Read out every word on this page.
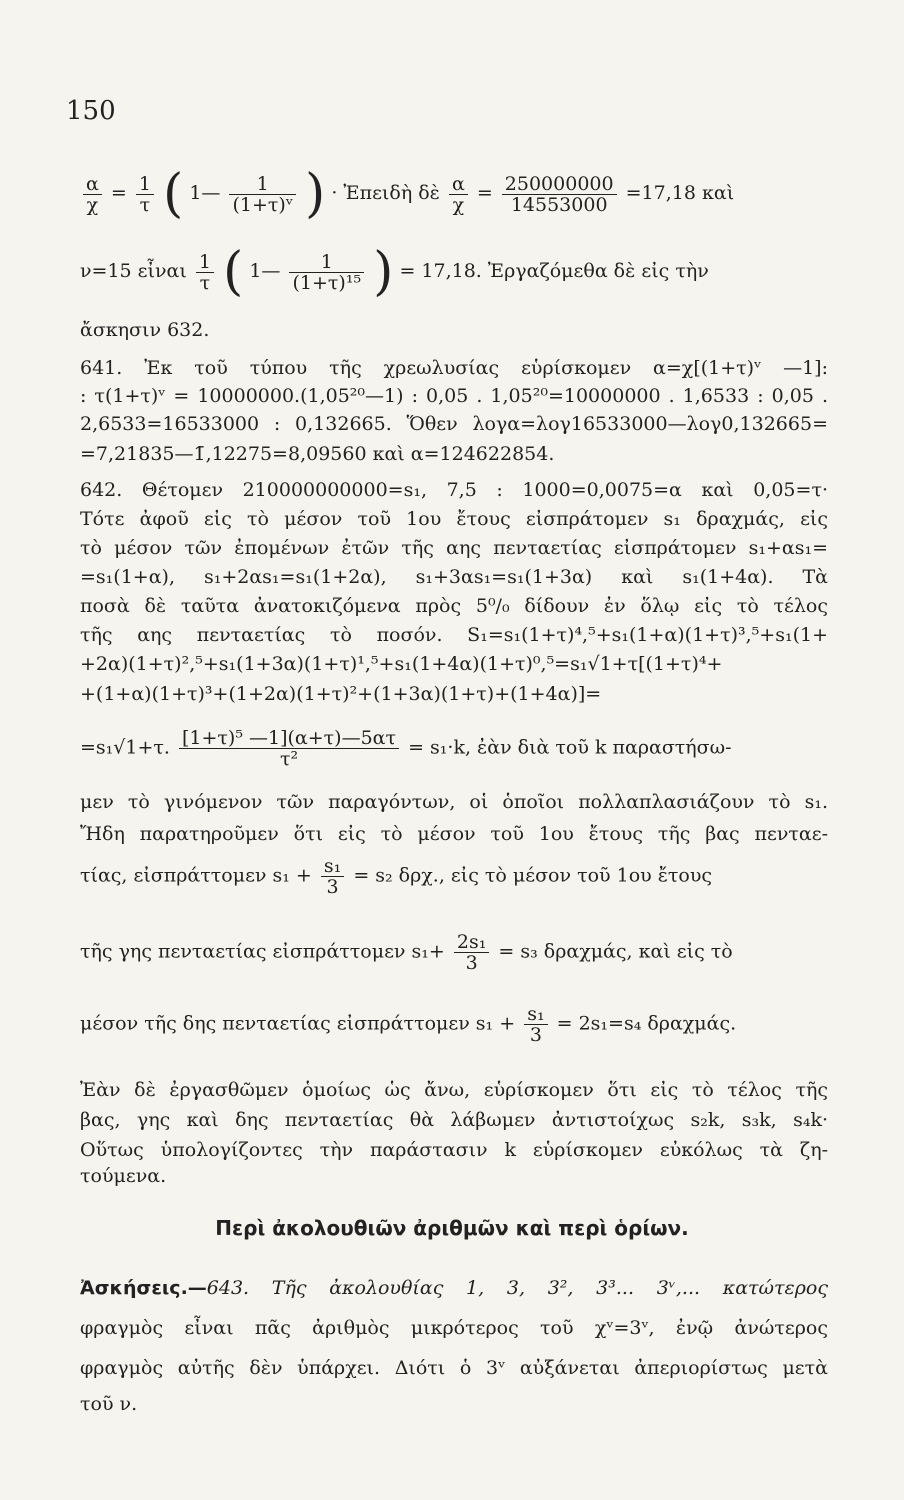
150
$\frac{\alpha}{\chi} = \frac{1}{\tau}$ ( 1— $\frac{1}{\text{(1+τ)ᵛ}}$ ) · Ἐπειδὴ δὲ $\frac{\alpha}{\chi} = \frac{250000000}{14553000} =17,18$ καὶ
ν=15 εἶναι $\frac{1}{\tau}$ ( 1— $\frac{1}{\text{(1+τ)¹⁵}}$ ) = 17,18. Ἐργαζόμεθα δὲ εἰς τὴν
ἄσκησιν 632.
641. Ἐκ τοῦ τύπου τῆς χρεωλυσίας εὑρίσκομεν α=χ[(1+τ)ᵛ —1]:
: τ(1+τ)ᵛ = 10000000.(1,05²⁰—1) : 0,05 . 1,05²⁰=10000000 . 1,6533 : 0,05 .
2,6533=16533000 : 0,132665. Ὅθεν λογα=λογ16533000—λογ0,132665=
=7,21835—1̄,12275=8,09560 καὶ α=124622854.
642. Θέτομεν 210000000000=s₁, 7,5 : 1000=0,0075=α καὶ 0,05=τ·
Τότε ἀφοῦ εἰς τὸ μέσον τοῦ 1ου ἔτους εἰσπράτομεν s₁ δραχμάς, εἰς
τὸ μέσον τῶν ἐπομένων ἐτῶν τῆς αης πενταετίας εἰσπράτομεν s₁+αs₁=
=s₁(1+α), s₁+2αs₁=s₁(1+2α), s₁+3αs₁=s₁(1+3α) καὶ s₁(1+4α). Τὰ
ποσὰ δὲ ταῦτα ἀνατοκιζόμενα πρὸς 5⁰/₀ δίδουν ἐν ὅλῳ εἰς τὸ τέλος
τῆς αης πενταετίας τὸ ποσόν. S₁=s₁(1+τ)⁴,⁵+s₁(1+α)(1+τ)³,⁵+s₁(1+
+2α)(1+τ)²,⁵+s₁(1+3α)(1+τ)¹,⁵+s₁(1+4α)(1+τ)⁰,⁵=s₁√1+τ[(1+τ)⁴+
+(1+α)(1+τ)³+(1+2α)(1+τ)²+(1+3α)(1+τ)+(1+4α)]=
=s₁√1+τ. $\frac{\text{[1+τ)⁵ —1](α+τ)—5ατ}}{\text{τ²}} = s_1\cdot k$, ἐὰν διὰ τοῦ k παραστήσω-
μεν τὸ γινόμενον τῶν παραγόντων, οἱ ὁποῖοι πολλαπλασιάζουν τὸ s₁.
Ἤδη παρατηροῦμεν ὅτι εἰς τὸ μέσον τοῦ 1ου ἔτους τῆς βας πενταε-
τίας, εἰσπράττομεν $s_1 + \frac{\text{s₁}}{3} = s_2$ δρχ., εἰς τὸ μέσον τοῦ 1ου ἔτους
τῆς γης πενταετίας εἰσπράττομεν $s_1+ \frac{\text{2s₁}}{3} = s_3$ δραχμάς, καὶ εἰς τὸ
μέσον τῆς δης πενταετίας εἰσπράττομεν $s_1 + \frac{\text{s₁}}{3} = 2s_1=s_4$ δραχμάς.
Ἐὰν δὲ ἐργασθῶμεν ὁμοίως ὡς ἄνω, εὑρίσκομεν ὅτι εἰς τὸ τέλος τῆς
βας, γης καὶ δης πενταετίας θὰ λάβωμεν ἀντιστοίχως s₂k, s₃k, s₄k·
Οὕτως ὑπολογίζοντες τὴν παράστασιν k εὑρίσκομεν εὐκόλως τὰ ζη-
τούμενα.
Περὶ ἀκολουθιῶν ἀριθμῶν καὶ περὶ ὁρίων.
Ἀσκήσεις.—643. Τῆς ἀκολουθίας 1, 3, 3², 3³... 3ᵛ,... κατώτερος
φραγμὸς εἶναι πᾶς ἀριθμὸς μικρότερος τοῦ χᵛ=3ᵛ, ἐνῷ ἀνώτερος
φραγμὸς αὐτῆς δὲν ὑπάρχει. Διότι ὁ 3ᵛ αὐξάνεται ἀπεριορίστως μετὰ
τοῦ ν.
